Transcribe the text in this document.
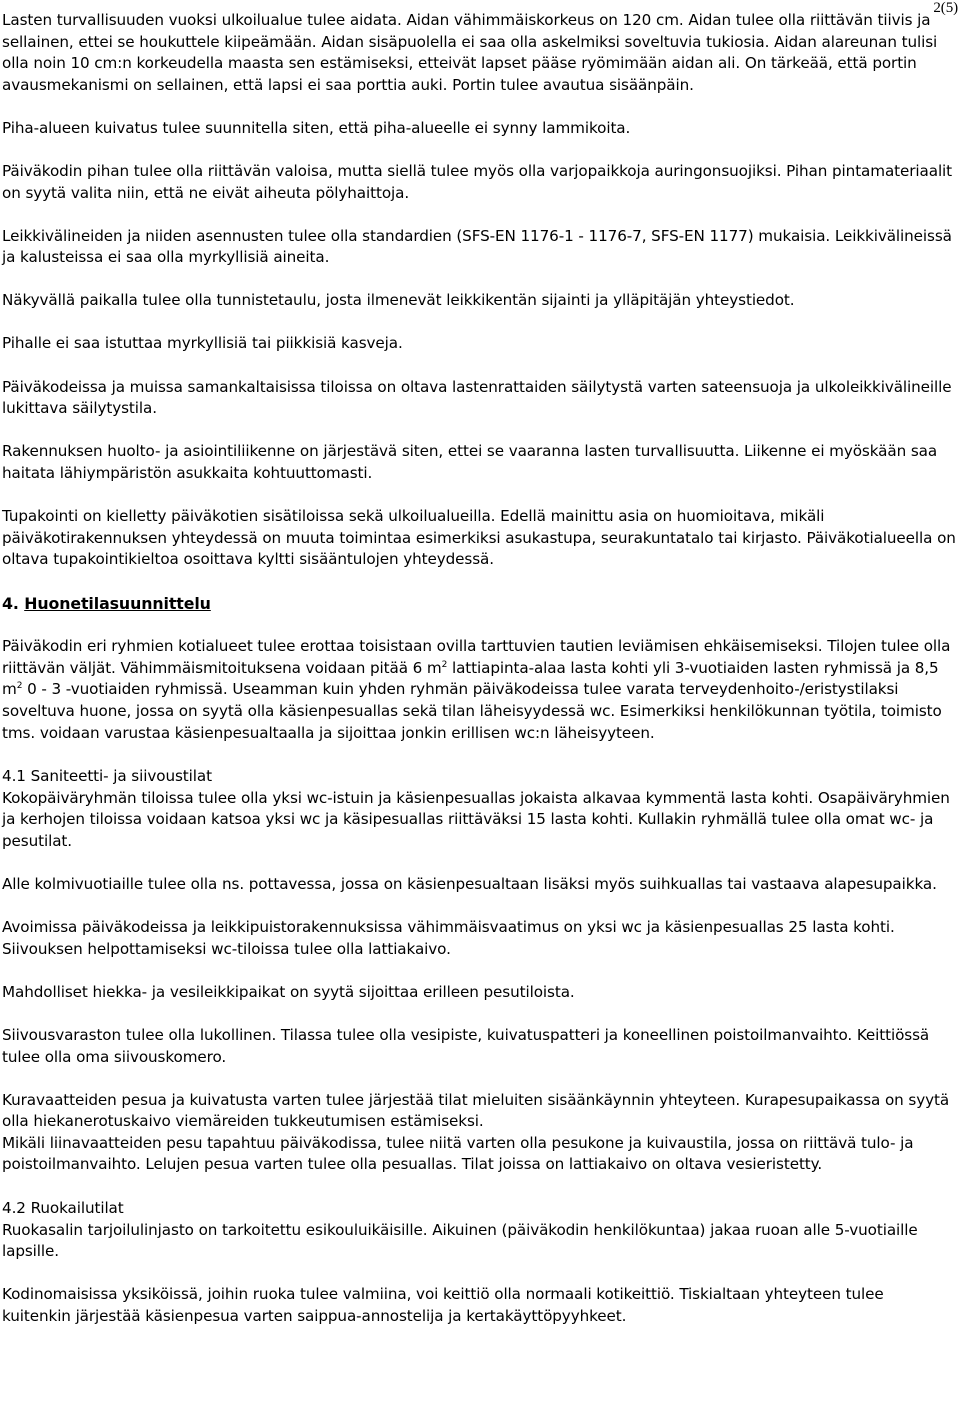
2(5)

Lasten turvallisuuden vuoksi ulkoilualue tulee aidata. Aidan vähimmäiskorkeus on 120 cm. Aidan tulee olla riittävän tiivis ja sellainen, ettei se houkuttele kiipeämään. Aidan sisäpuolella ei saa olla askelmiksi soveltuvia tukiosia. Aidan alareunan tulisi olla noin 10 cm:n korkeudella maasta sen estämiseksi, etteivät lapset pääse ryömimään aidan ali. On tärkeää, että portin avausmekanismi on sellainen, että lapsi ei saa porttia auki. Portin tulee avautua sisäänpäin.

Piha-alueen kuivatus tulee suunnitella siten, että piha-alueelle ei synny lammikoita.

Päiväkodin pihan tulee olla riittävän valoisa, mutta siellä tulee myös olla varjopaikkoja auringonsuojiksi. Pihan pintamateriaalit on syytä valita niin, että ne eivät aiheuta pölyhaittoja.

Leikkivälineiden ja niiden asennusten tulee olla standardien (SFS-EN 1176-1 - 1176-7, SFS-EN 1177) mukaisia. Leikkivälineissä ja kalusteissa ei saa olla myrkyllisiä aineita.

Näkyvällä paikalla tulee olla tunnistetaulu, josta ilmenevät leikkikentän sijainti ja ylläpitäjän yhteystiedot.

Pihalle ei saa istuttaa myrkyllisiä tai piikkisiä kasveja.

Päiväkodeissa ja muissa samankaltaisissa tiloissa on oltava lastenrattaiden säilytystä varten sateensuoja ja ulkoleikkivälineille lukittava säilytystila.

Rakennuksen huolto- ja asiointiliikenne on järjestävä siten, ettei se vaaranna lasten turvallisuutta. Liikenne ei myöskään saa haitata lähiympäristön asukkaita kohtuuttomasti.

Tupakointi on kielletty päiväkotien sisätiloissa sekä ulkoilualueilla. Edellä mainittu asia on huomioitava, mikäli päiväkotirakennuksen yhteydessä on muuta toimintaa esimerkiksi asukastupa, seurakuntatalo tai kirjasto. Päiväkotialueella on oltava tupakointikieltoa osoittava kyltti sisääntulojen yhteydessä.

4. Huonetilasuunnittelu

Päiväkodin eri ryhmien kotialueet tulee erottaa toisistaan ovilla tarttuvien tautien leviämisen ehkäisemiseksi. Tilojen tulee olla riittävän väljät. Vähimmäismitoituksena voidaan pitää 6 $m^2$ lattiapinta-alaa lasta kohti yli 3-vuotiaiden lasten ryhmissä ja 8,5 $m^2$ 0 - 3 -vuotiaiden ryhmissä. Useamman kuin yhden ryhmän päiväkodeissa tulee varata terveydenhoito-/eristystilaksi soveltuva huone, jossa on syytä olla käsienpesuallas sekä tilan läheisyydessä wc. Esimerkiksi henkilökunnan työtila, toimisto tms. voidaan varustaa käsienpesualtaalla ja sijoittaa jonkin erillisen wc:n läheisyyteen.

4.1 Saniteetti- ja siivoustilat

Kokopäiväryhmän tiloissa tulee olla yksi wc-istuin ja käsienpesuallas jokaista alkavaa kymmentä lasta kohti. Osapäiväryhmien ja kerhojen tiloissa voidaan katsoa yksi wc ja käsipesuallas riittäväksi 15 lasta kohti. Kullakin ryhmällä tulee olla omat wc- ja pesutilat.

Alle kolmivuotiaille tulee olla ns. pottavessa, jossa on käsienpesualtaan lisäksi myös suihkuallas tai vastaava alapesupaikka.

Avoimissa päiväkodeissa ja leikkipuistorakennuksissa vähimmäisvaatimus on yksi wc ja käsienpesuallas 25 lasta kohti. Siivouksen helpottamiseksi wc-tiloissa tulee olla lattiakaivo.

Mahdolliset hiekka- ja vesileikkipaikat on syytä sijoittaa erilleen pesutiloista.

Siivousvaraston tulee olla lukollinen. Tilassa tulee olla vesipiste, kuivatuspatteri ja koneellinen poistoilmanvaihto. Keittiössä tulee olla oma siivouskomero.

Kuravaatteiden pesua ja kuivatusta varten tulee järjestää tilat mieluiten sisäänkäynnin yhteyteen. Kurapesupaikassa on syytä olla hiekanerotuskaivo viemäreiden tukkeutumisen estämiseksi.

Mikäli liinavaatteiden pesu tapahtuu päiväkodissa, tulee niitä varten olla pesukone ja kuivaustila, jossa on riittävä tulo- ja poistoilmanvaihto. Lelujen pesua varten tulee olla pesuallas. Tilat joissa on lattiakaivo on oltava vesieristetty.

4.2 Ruokailutilat

Ruokasalin tarjoilulinjasto on tarkoitettu esikouluikäisille. Aikuinen (päiväkodin henkilökuntaa) jakaa ruoan alle 5-vuotiaille lapsille.

Kodinomaisissa yksiköissä, joihin ruoka tulee valmiina, voi keittiö olla normaali kotikeittiö. Tiskialtaan yhteyteen tulee kuitenkin järjestää käsienpesua varten saippua-annostelija ja kertakäyttöpyyhkeet.
